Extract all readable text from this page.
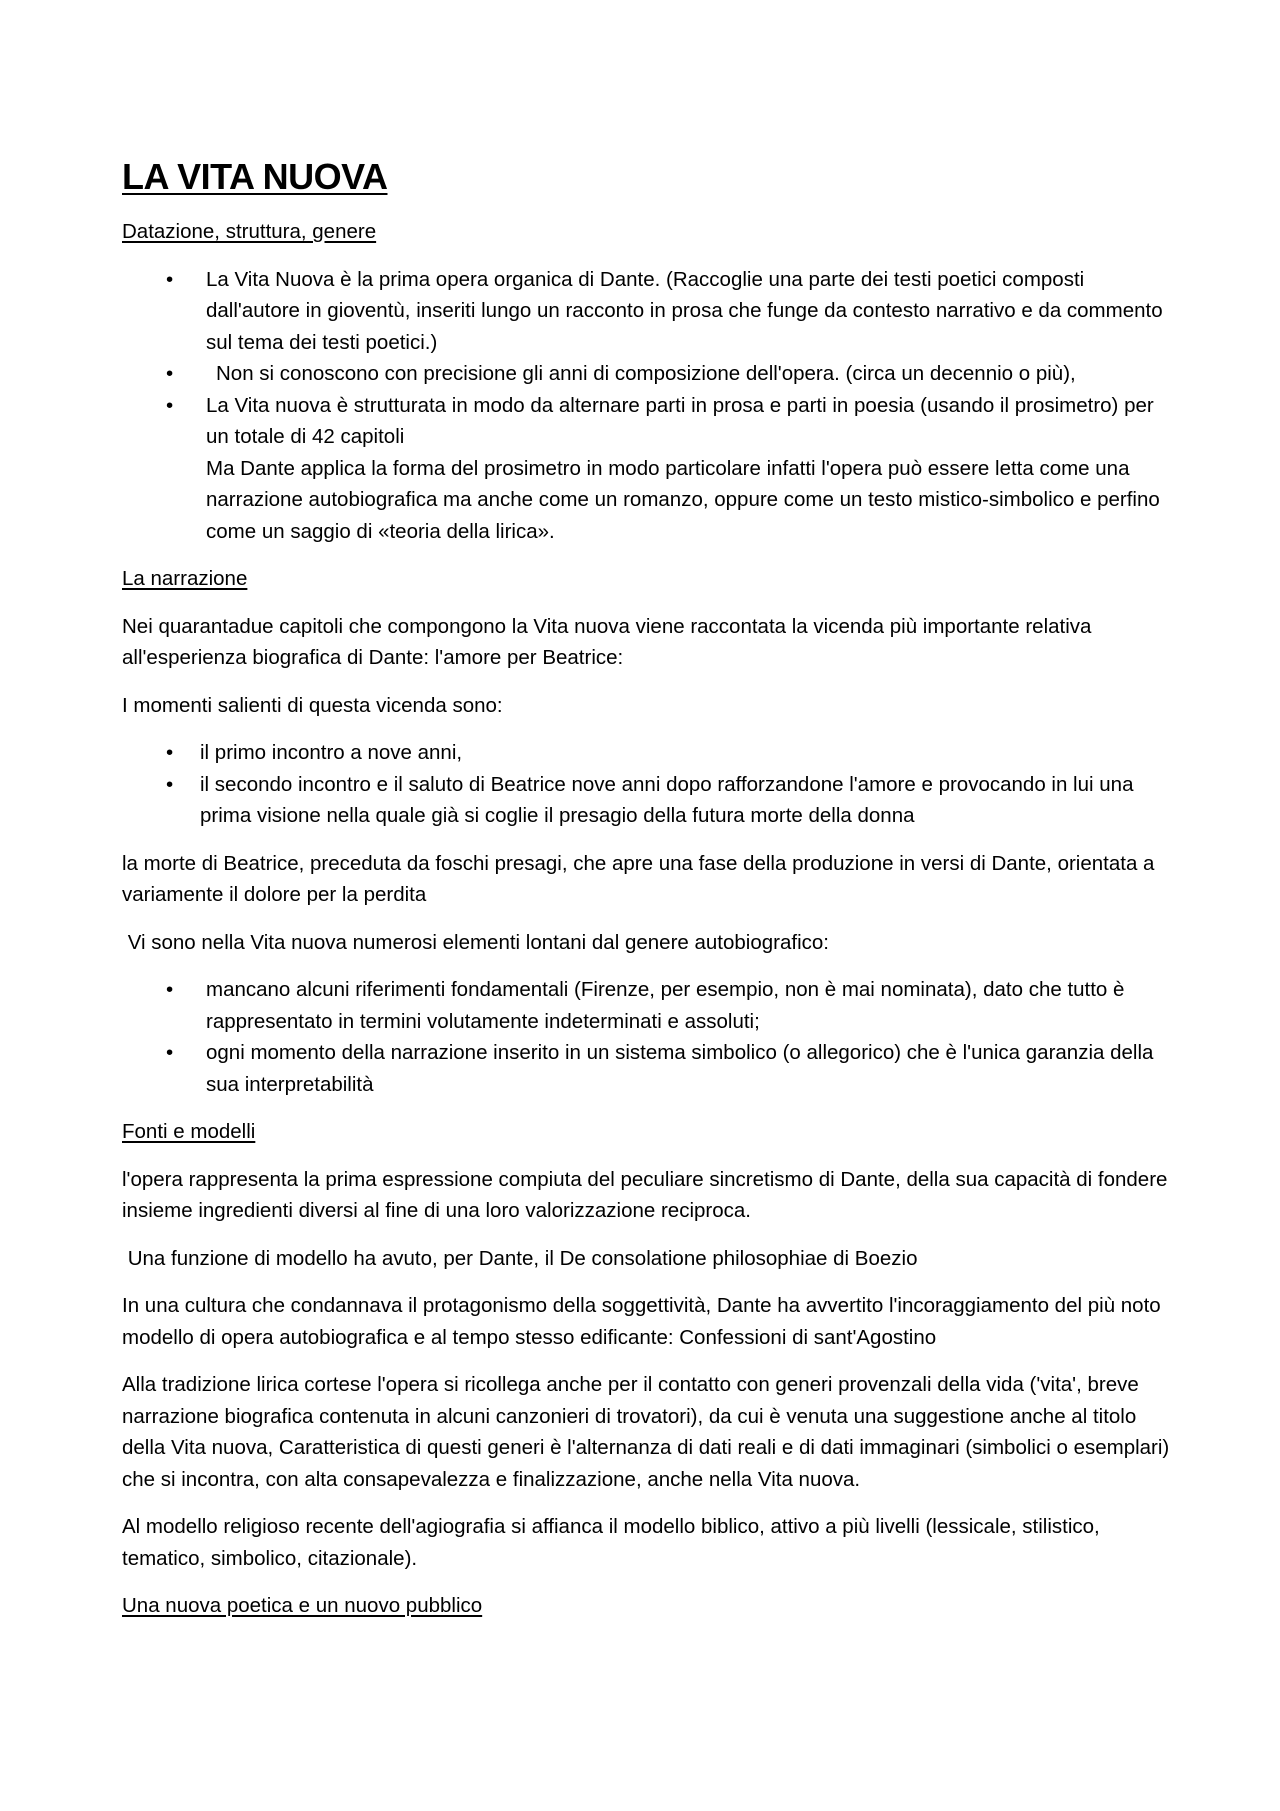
LA VITA NUOVA
Datazione, struttura, genere
• La Vita Nuova è la prima opera organica di Dante. (Raccoglie una parte dei testi poetici composti dall'autore in gioventù, inseriti lungo un racconto in prosa che funge da contesto narrativo e da commento sul tema dei testi poetici.)
• Non si conoscono con precisione gli anni di composizione dell'opera. (circa un decennio o più),
• La Vita nuova è strutturata in modo da alternare parti in prosa e parti in poesia (usando il prosimetro) per un totale di 42 capitoli
Ma Dante applica la forma del prosimetro in modo particolare infatti l'opera può essere letta come una narrazione autobiografica ma anche come un romanzo, oppure come un testo mistico-simbolico e perfino come un saggio di «teoria della lirica».
La narrazione

Nei quarantadue capitoli che compongono la Vita nuova viene raccontata la vicenda più importante relativa all'esperienza biografica di Dante: l'amore per Beatrice:

I momenti salienti di questa vicenda sono:

• il primo incontro a nove anni,
• il secondo incontro e il saluto di Beatrice nove anni dopo rafforzandone l'amore e provocando in lui una prima visione nella quale già si coglie il presagio della futura morte della donna

la morte di Beatrice, preceduta da foschi presagi, che apre una fase della produzione in versi di Dante, orientata a variamente il dolore per la perdita

Vi sono nella Vita nuova numerosi elementi lontani dal genere autobiografico:

• mancano alcuni riferimenti fondamentali (Firenze, per esempio, non è mai nominata), dato che tutto è rappresentato in termini volutamente indeterminati e assoluti;
• ogni momento della narrazione inserito in un sistema simbolico (o allegorico) che è l'unica garanzia della sua interpretabilità
Fonti e modelli

l'opera rappresenta la prima espressione compiuta del peculiare sincretismo di Dante, della sua capacità di fondere insieme ingredienti diversi al fine di una loro valorizzazione reciproca.

Una funzione di modello ha avuto, per Dante, il De consolatione philosophiae di Boezio

In una cultura che condannava il protagonismo della soggettività, Dante ha avvertito l'incoraggiamento del più noto modello di opera autobiografica e al tempo stesso edificante: Confessioni di sant'Agostino

Alla tradizione lirica cortese l'opera si ricollega anche per il contatto con generi provenzali della vida ('vita', breve narrazione biografica contenuta in alcuni canzonieri di trovatori), da cui è venuta una suggestione anche al titolo della Vita nuova, Caratteristica di questi generi è l'alternanza di dati reali e di dati immaginari (simbolici o esemplari) che si incontra, con alta consapevalezza e finalizzazione, anche nella Vita nuova.

Al modello religioso recente dell'agiografia si affianca il modello biblico, attivo a più livelli (lessicale, stilistico, tematico, simbolico, citazionale).

Una nuova poetica e un nuovo pubblico
